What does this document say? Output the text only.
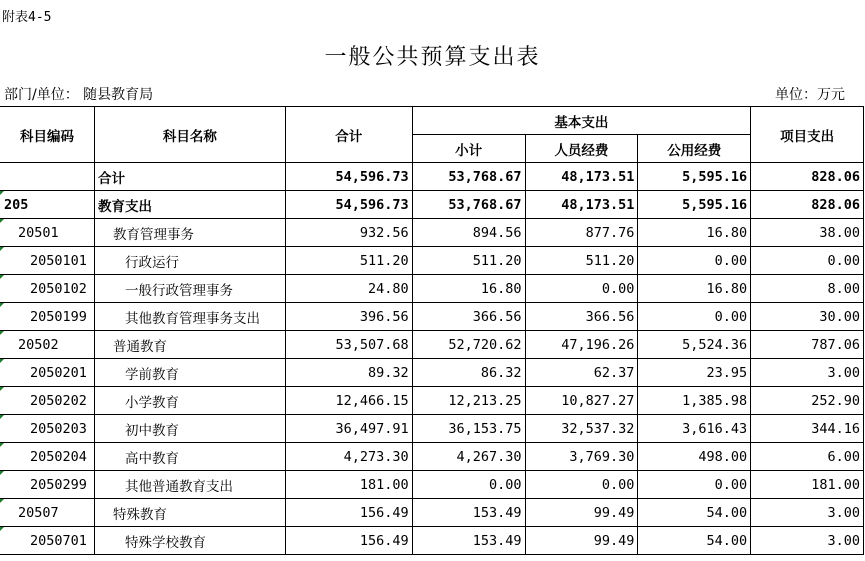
附表4-5
一般公共预算支出表
部门/单位： 随县教育局	单位：万元
科目编码	科目名称	合计	基本支出			项目支出
			小计	人员经费	公用经费	
	合计	54,596.73	53,768.67	48,173.51	5,595.16	828.06
205	教育支出	54,596.73	53,768.67	48,173.51	5,595.16	828.06
20501	教育管理事务	932.56	894.56	877.76	16.80	38.00
2050101	行政运行	511.20	511.20	511.20	0.00	0.00
2050102	一般行政管理事务	24.80	16.80	0.00	16.80	8.00
2050199	其他教育管理事务支出	396.56	366.56	366.56	0.00	30.00
20502	普通教育	53,507.68	52,720.62	47,196.26	5,524.36	787.06
2050201	学前教育	89.32	86.32	62.37	23.95	3.00
2050202	小学教育	12,466.15	12,213.25	10,827.27	1,385.98	252.90
2050203	初中教育	36,497.91	36,153.75	32,537.32	3,616.43	344.16
2050204	高中教育	4,273.30	4,267.30	3,769.30	498.00	6.00
2050299	其他普通教育支出	181.00	0.00	0.00	0.00	181.00
20507	特殊教育	156.49	153.49	99.49	54.00	3.00
2050701	特殊学校教育	156.49	153.49	99.49	54.00	3.00
